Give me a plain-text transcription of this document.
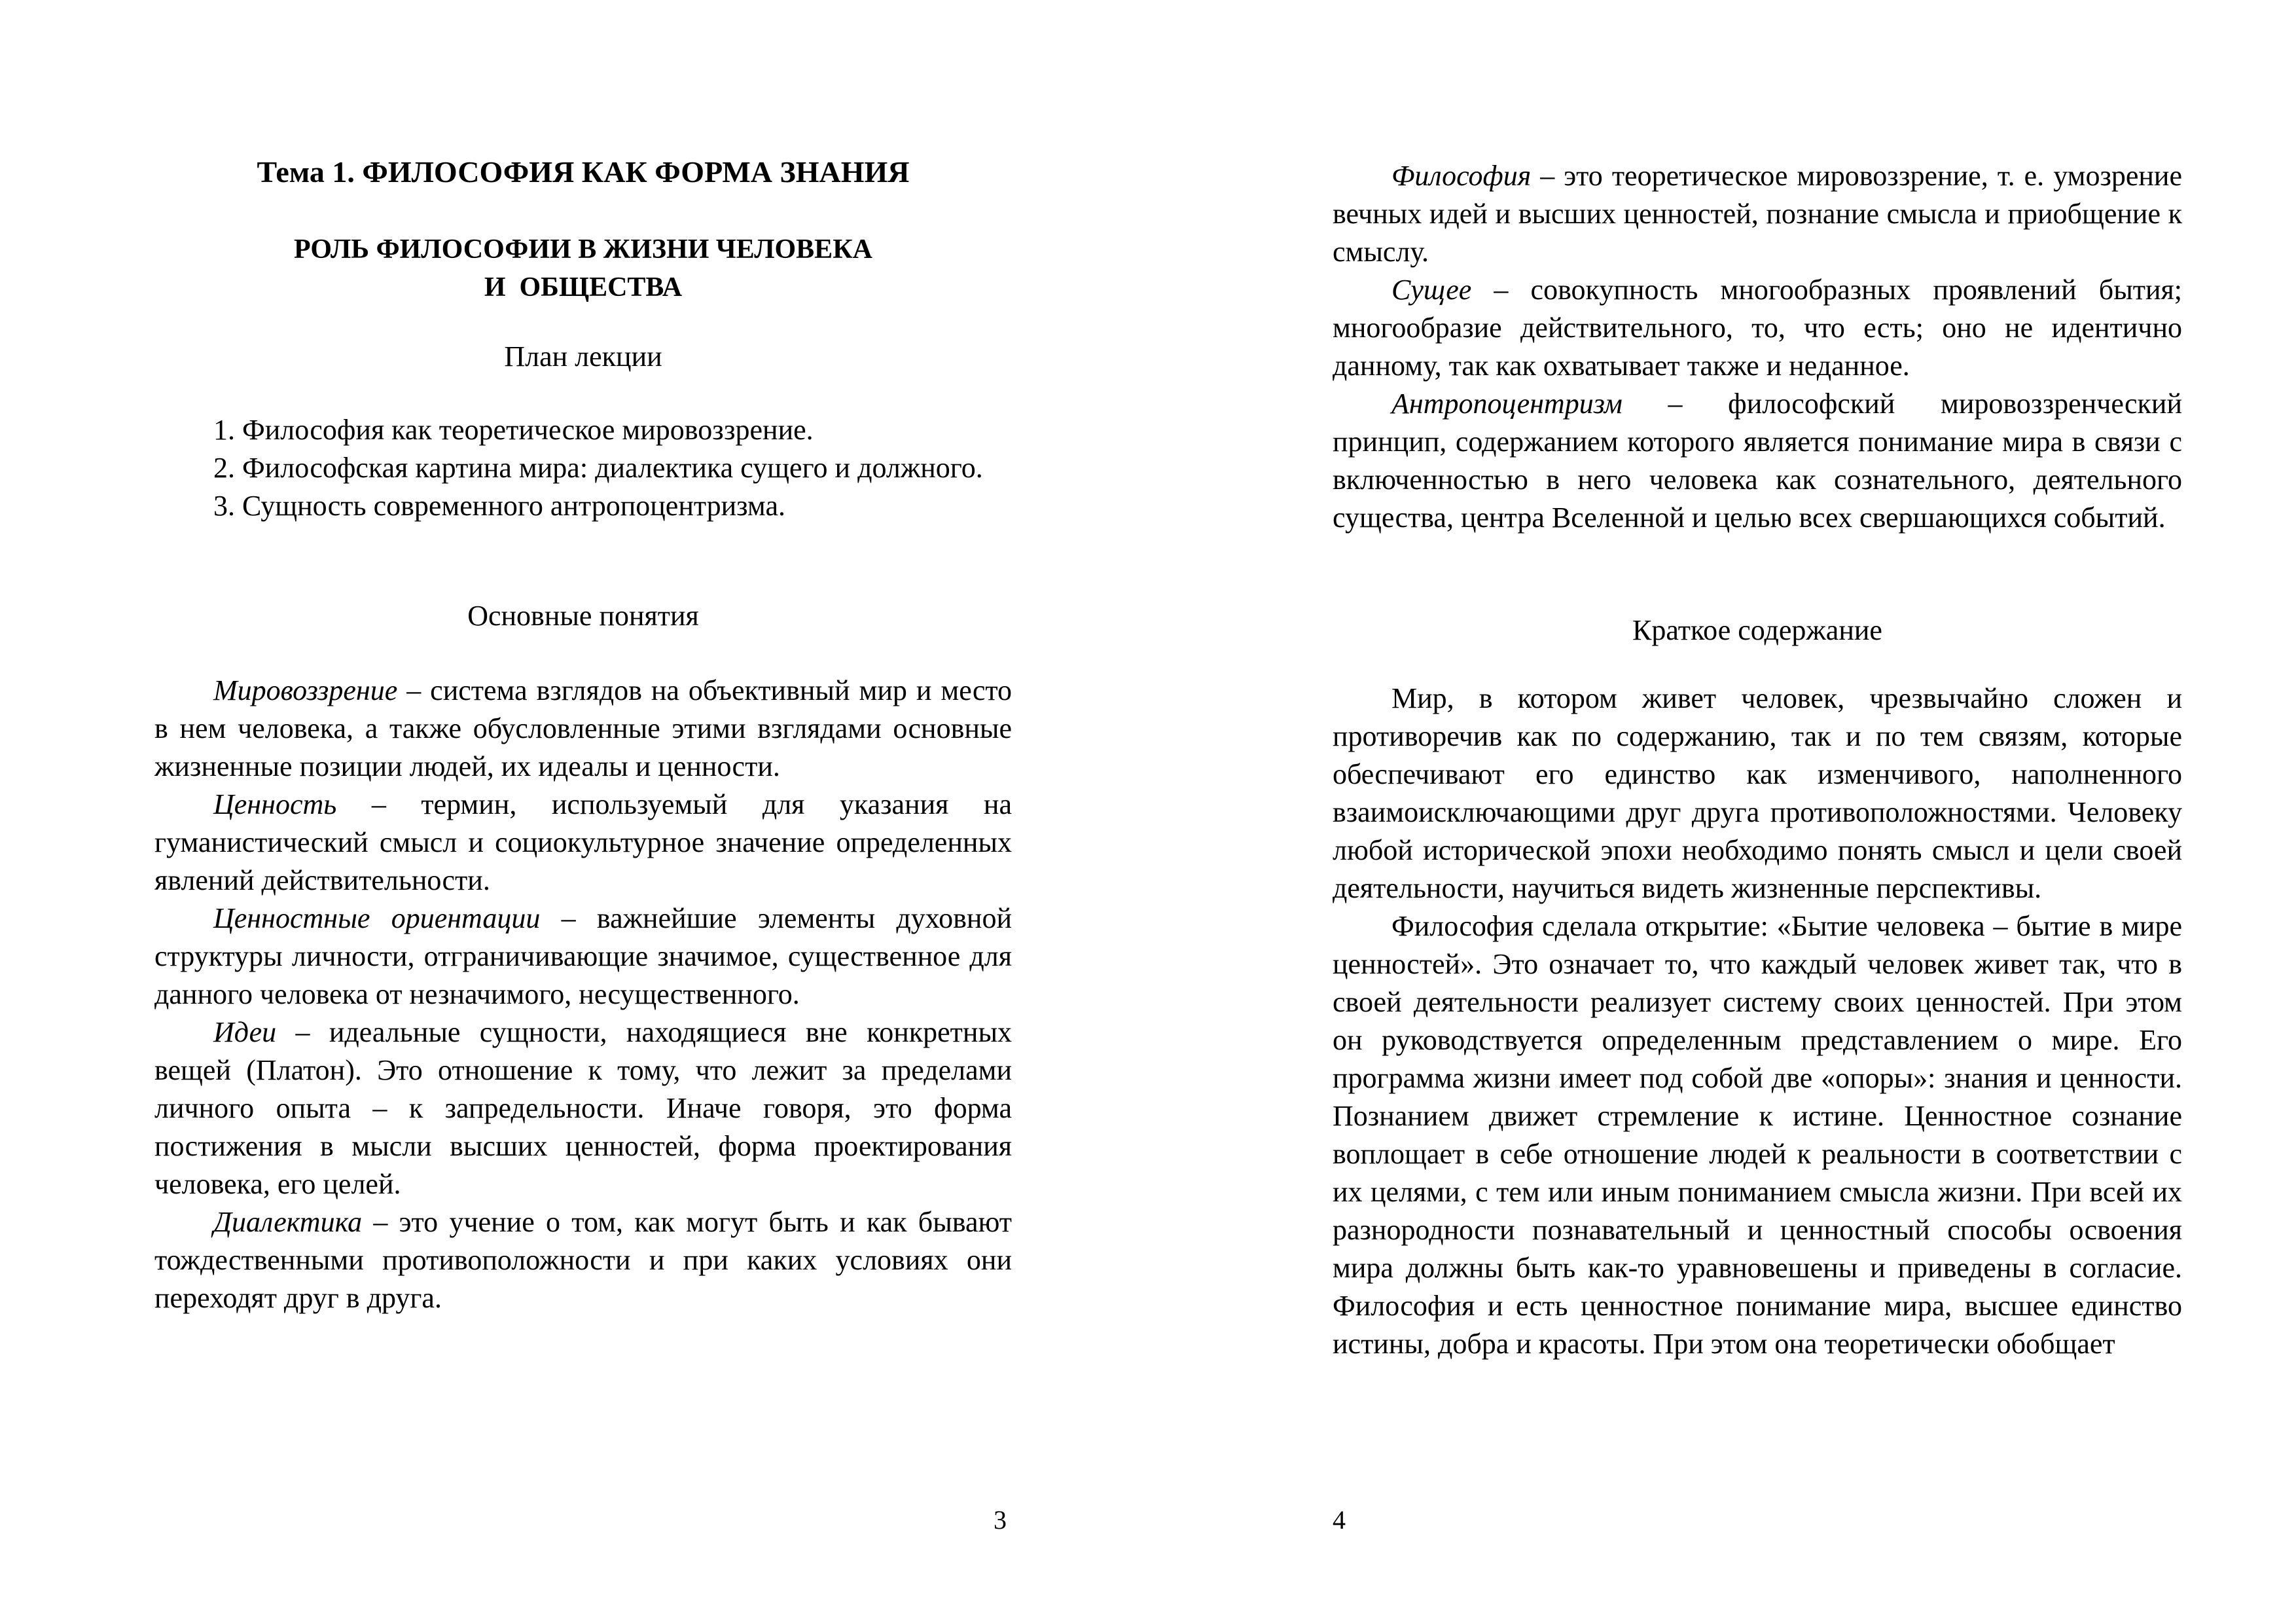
Тема 1. ФИЛОСОФИЯ КАК ФОРМА ЗНАНИЯ
РОЛЬ ФИЛОСОФИИ В ЖИЗНИ ЧЕЛОВЕКА
И  ОБЩЕСТВА
План лекции

1. Философия как теоретическое мировоззрение.

2. Философская картина мира: диалектика сущего и должного.

3. Сущность современного антропоцентризма.

Основные понятия

Мировоззрение – система взглядов на объективный мир и место в нем человека, а также обусловленные этими взглядами основные жизненные позиции людей, их идеалы и ценности.

Ценность – термин, используемый для указания на гуманистический смысл и социокультурное значение определенных явлений действительности.

Ценностные ориентации – важнейшие элементы духовной структуры личности, отграничивающие значимое, существенное для данного человека от незначимого, несущественного.

Идеи – идеальные сущности, находящиеся вне конкретных вещей (Платон). Это отношение к тому, что лежит за пределами личного опыта – к запредельности. Иначе говоря, это форма постижения в мысли высших ценностей, форма проектирования человека, его целей.

Диалектика – это учение о том, как могут быть и как бывают тождественными противоположности и при каких условиях они переходят друг в друга.

3

Философия – это теоретическое мировоззрение, т. е. умозрение вечных идей и высших ценностей, познание смысла и приобщение к смыслу.

Сущее – совокупность многообразных проявлений бытия; многообразие действительного, то, что есть; оно не идентично данному, так как охватывает также и неданное.

Антропоцентризм – философский мировоззренческий принцип, содержанием которого является понимание мира в связи с включенностью в него человека как сознательного, деятельного существа, центра Вселенной и целью всех свершающихся событий.

Краткое содержание

Мир, в котором живет человек, чрезвычайно сложен и противоречив как по содержанию, так и по тем связям, которые обеспечивают его единство как изменчивого, наполненного взаимоисключающими друг друга противоположностями. Человеку любой исторической эпохи необходимо понять смысл и цели своей деятельности, научиться видеть жизненные перспективы.

Философия сделала открытие: «Бытие человека – бытие в мире ценностей». Это означает то, что каждый человек живет так, что в своей деятельности реализует систему своих ценностей. При этом он руководствуется определенным представлением о мире. Его программа жизни имеет под собой две «опоры»: знания и ценности. Познанием движет стремление к истине. Ценностное сознание воплощает в себе отношение людей к реальности в соответствии с их целями, с тем или иным пониманием смысла жизни. При всей их разнородности познавательный и ценностный способы освоения мира должны быть как-то уравновешены и приведены в согласие. Философия и есть ценностное понимание мира, высшее единство истины, добра и красоты. При этом она теоретически обобщает

4
